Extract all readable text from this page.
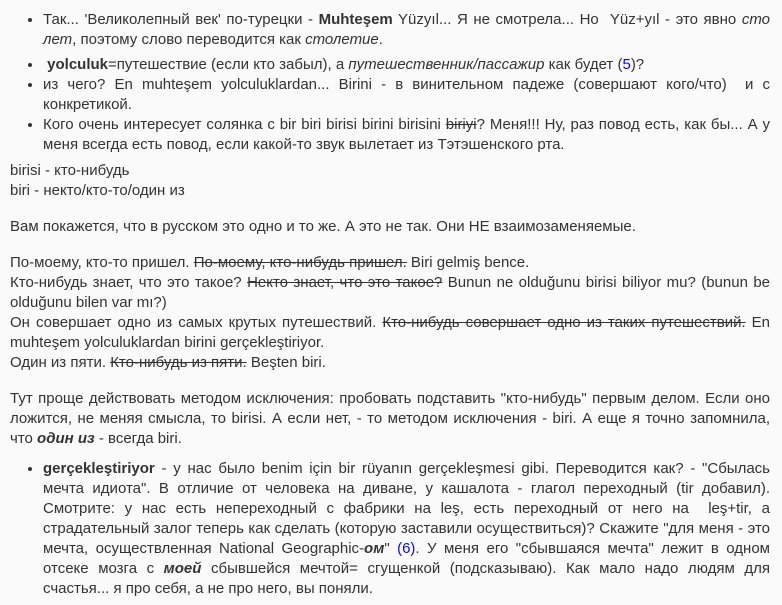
• Так... 'Великолепный век' по-турецки - Muhteşem Yüzyıl... Я не смотрела... Но  Yüz+yıl - это явно сто лет, поэтому слово переводится как столетие.
• yolculuk=путешествие (если кто забыл), а путешественник/пассажир как будет (5)?
• из чего? En muhteşem yolculuklardan... Birini - в винительном падеже (совершают кого/что)  и с конкретикой.
• Кого очень интересует солянка с bir biri birisi birini birisini biriyi? Меня!!! Ну, раз повод есть, как бы... А у меня всегда есть повод, если какой-то звук вылетает из Тэтэшенского рта.
birisi - кто-нибудь
biri - некто/кто-то/один из
Вам покажется, что в русском это одно и то же. А это не так. Они НЕ взаимозаменяемые.
По-моему, кто-то пришел. По-моему, кто-нибудь пришел. Biri gelmiş bence.
Кто-нибудь знает, что это такое? Некто знает, что это такое? Bunun ne olduğunu birisi biliyor mu? (bunun be olduğunu bilen var mı?)
Он совершает одно из самых крутых путешествий. Кто-нибудь совершает одно из таких путешествий. En muhteşem yolculuklardan birini gerçekleştiriyor.
Один из пяти. Кто-нибудь из пяти. Beşten biri.
Тут проще действовать методом исключения: пробовать подставить "кто-нибудь" первым делом. Если оно ложится, не меняя смысла, то birisi. А если нет, - то методом исключения - biri. А еще я точно запомнила, что один из - всегда biri.
• gerçekleştiriyor - у нас было benim için bir rüyanın gerçekleşmesi gibi. Переводится как? - "Сбылась мечта идиота". В отличие от человека на диване, у кашалота - глагол переходный (tir добавил). Смотрите: у нас есть непереходный с фабрики на leş, есть переходный от него на  leş+tir, а страдательный залог теперь как сделать (которую заставили осуществиться)? Скажите "для меня - это мечта, осуществленная National Geographic-ом" (6). У меня его "сбывшаяся мечта" лежит в одном отсеке мозга с моей сбывшейся мечтой= сгущенкой (подсказываю). Как мало надо людям для счастья... я про себя, а не про него, вы поняли.
